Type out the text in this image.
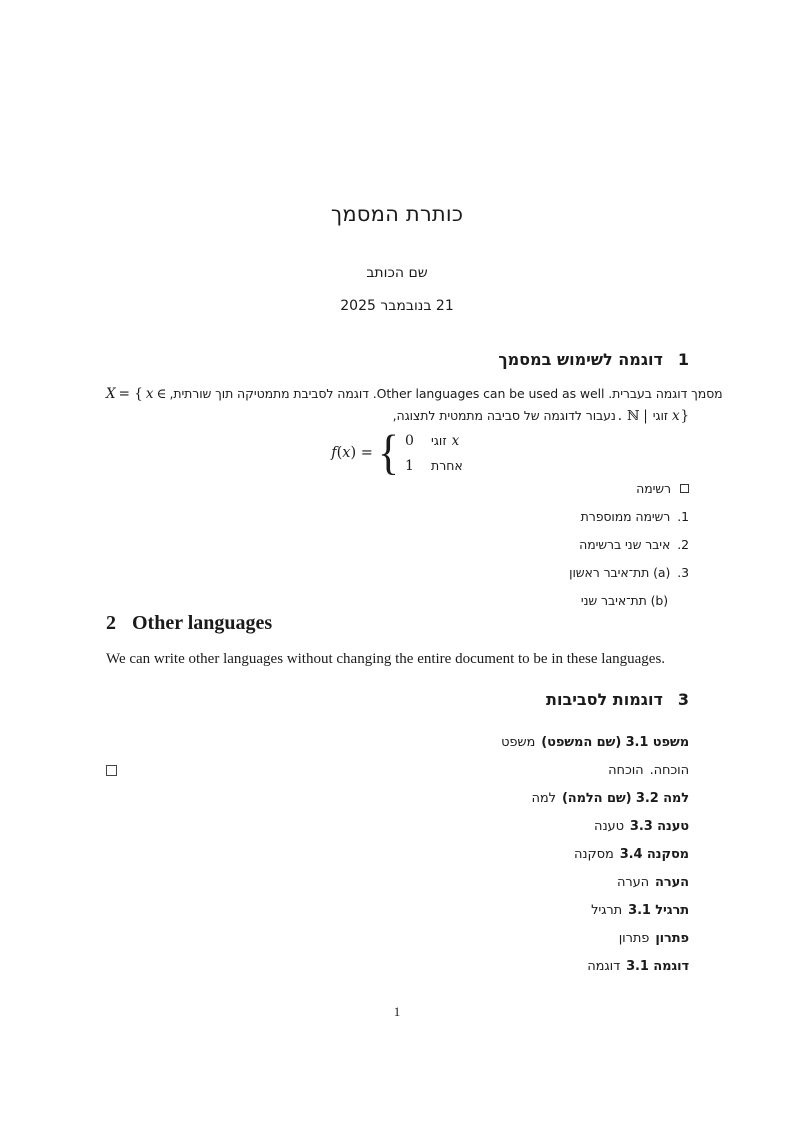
כותרת המסמך
שם הכותב
21 בנובמבר 2025
1דוגמה לשימוש במסמך
X = { x ∈ מסמך דוגמה בעברית. Other languages can be used as well. דוגמה לסביבת מתמטיקה תוך שורתית,
נעבור לדוגמה של סביבה מתמטית לתצוגה, . ℕ | זוגי x }
f(x) = { 0	xזוגי
1 אחרת
רשימה
1.רשימה ממוספרת
2.איבר שני ברשימה
3.(a) תת־איבר ראשון
(b) תת־איבר שני
2 Other languages
We can write other languages without changing the entire document to be in these languages.
3דוגמות לסביבות
משפט 3.1 (שם המשפט)משפט
הוכחה.הוכחה
למה 3.2 (שם הלמה)למה
טענה 3.3טענה
מסקנה 3.4מסקנה
הערההערה
תרגיל 3.1תרגיל
פתרוןפתרון
דוגמה 3.1דוגמה
1
